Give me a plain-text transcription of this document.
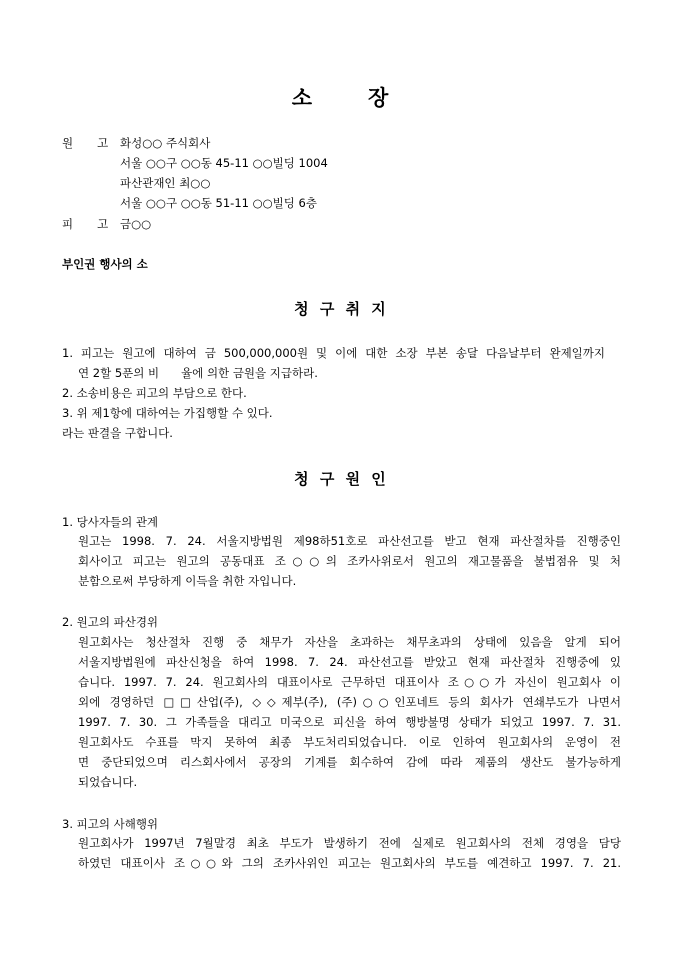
소	장
원 고 화성○○ 주식회사
서울 ○○구 ○○동 45-11 ○○빌딩 1004
파산관재인 최○○
서울 ○○구 ○○동 51-11 ○○빌딩 6층
피 고 금○○
부인권 행사의 소
청 구 취 지
1. 피고는 원고에 대하여 금 500,000,000원 및 이에 대한 소장 부본 송달 다음날부터 완제일까지
연 2할 5푼의 비      율에 의한 금원을 지급하라.
2. 소송비용은 피고의 부담으로 한다.
3. 위 제1항에 대하여는 가집행할 수 있다.
라는 판결을 구합니다.
청 구 원 인
1. 당사자들의 관계
원고는 1998. 7. 24. 서울지방법원 제98하51호로 파산선고를 받고 현재 파산절차를 진행중인
회사이고 피고는 원고의 공동대표 조○○의 조카사위로서 원고의 재고물품을 불법점유 및 처
분함으로써 부당하게 이득을 취한 자입니다.
2. 원고의 파산경위
원고회사는 청산절차 진행 중 채무가 자산을 초과하는 채무초과의 상태에 있음을 알게 되어
서울지방법원에 파산신청을 하여 1998. 7. 24. 파산선고를 받았고 현재 파산절차 진행중에 있
습니다. 1997. 7. 24. 원고회사의 대표이사로 근무하던 대표이사 조○○가 자신이 원고회사 이
외에 경영하던 □□산업(주), ◇◇제부(주), (주)○○인포네트 등의 회사가 연쇄부도가 나면서
1997. 7. 30. 그 가족들을 대리고 미국으로 피신을 하여 행방불명 상태가 되었고 1997. 7. 31.
원고회사도 수표를 막지 못하여 최종 부도처리되었습니다. 이로 인하여 원고회사의 운영이 전
면 중단되었으며 리스회사에서 공장의 기계를 회수하여 감에 따라 제품의 생산도 불가능하게
되었습니다.
3. 피고의 사해행위
원고회사가 1997년 7월말경 최초 부도가 발생하기 전에 실제로 원고회사의 전체 경영을 담당
하였던 대표이사 조○○와 그의 조카사위인 피고는 원고회사의 부도를 예견하고 1997. 7. 21.
